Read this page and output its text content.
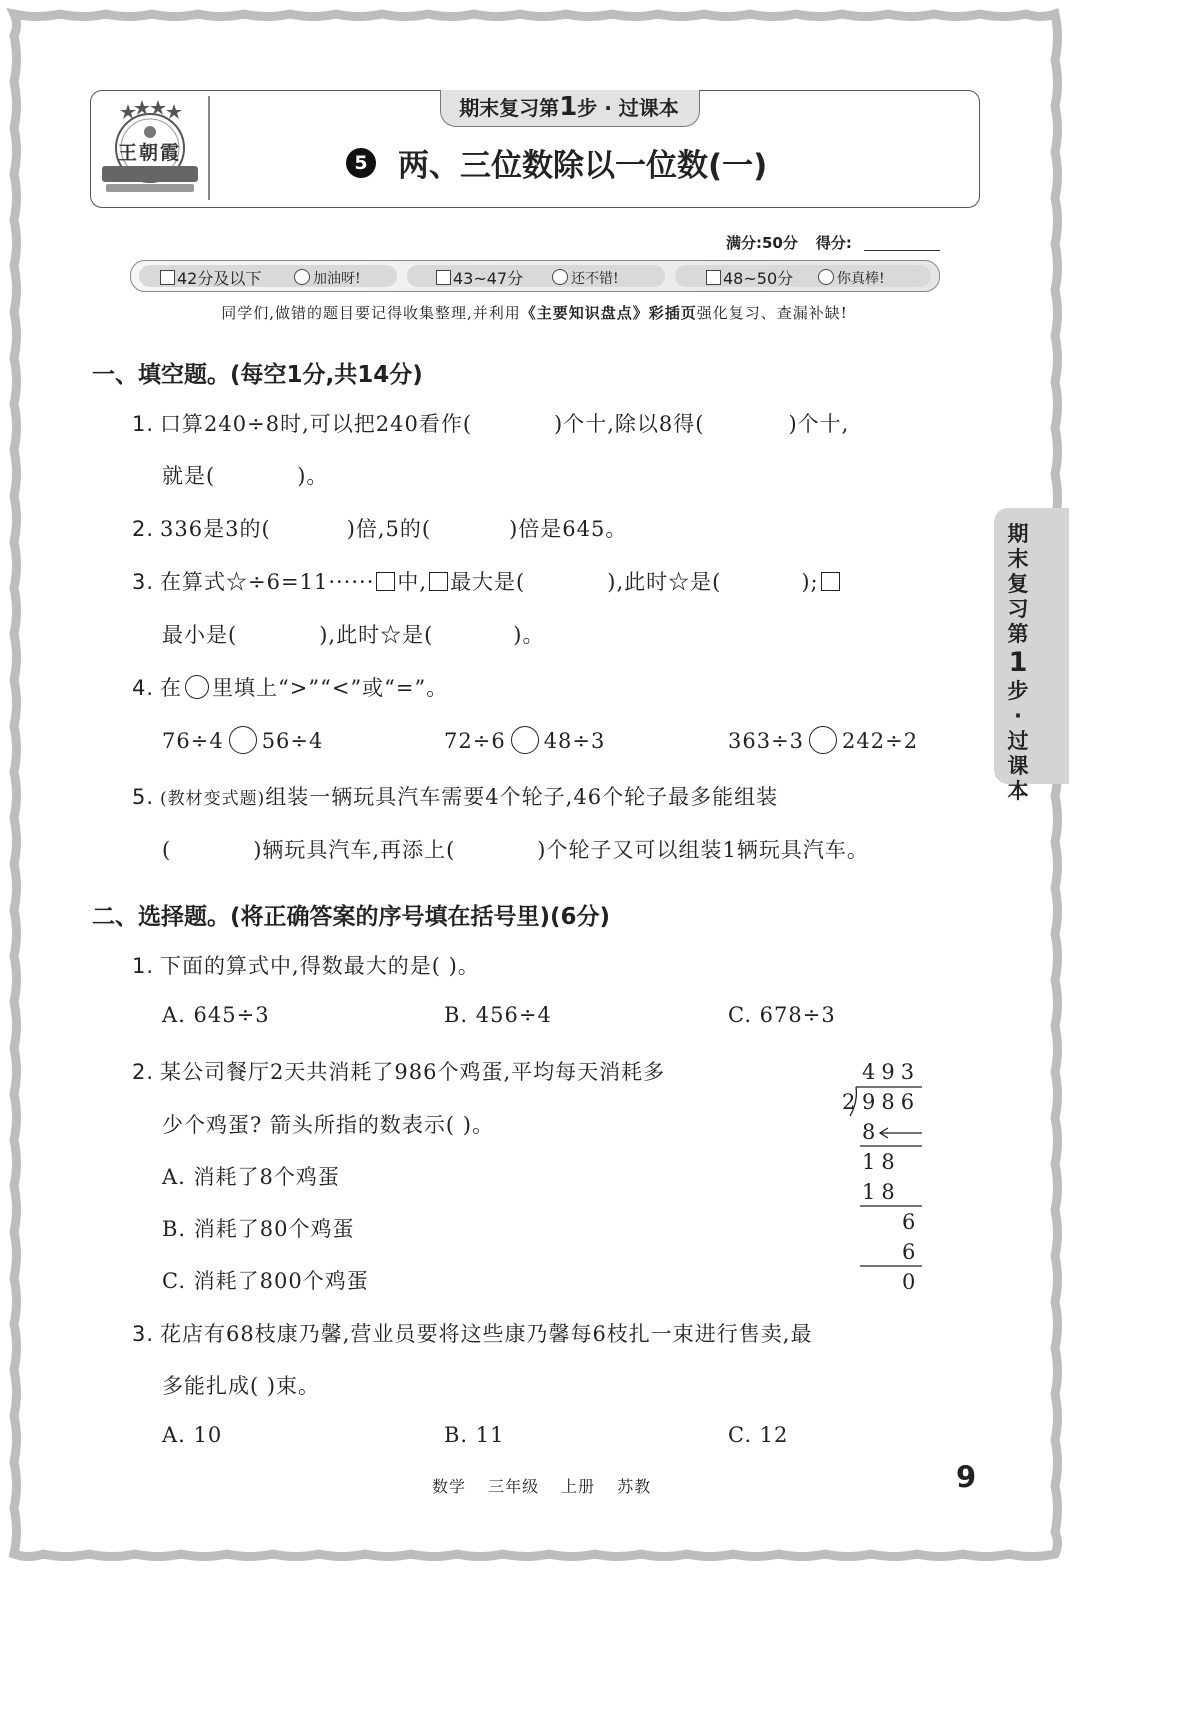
王朝霞
期末复习第1步 · 过课本
5 两、三位数除以一位数(一)
满分:50分 得分:
42分及以下	加油呀!	43~47分	还不错!	48~50分	你真棒!
同学们,做错的题目要记得收集整理,并利用《主要知识盘点》彩插页强化复习、查漏补缺!
一、填空题。(每空1分,共14分)
1. 口算240÷8时,可以把240看作(	)个十,除以8得(	)个十,
就是(	)。
2. 336是3的(	)倍,5的(	)倍是645。
3. 在算式☆÷6=11······ 中, 最大是(	),此时☆是(	);
最小是(	),此时☆是(	)。
4. 在 里填上“>”“<”或“=”。
76÷4 56÷4	72÷6 48÷3	363÷3 242÷2
5. (教材变式题)组装一辆玩具汽车需要4个轮子,46个轮子最多能组装
(	)辆玩具汽车,再添上(	)个轮子又可以组装1辆玩具汽车。
二、选择题。(将正确答案的序号填在括号里)(6分)
1. 下面的算式中,得数最大的是( )。
A. 645÷3	B. 456÷4	C. 678÷3
2. 某公司餐厅2天共消耗了986个鸡蛋,平均每天消耗多
少个鸡蛋? 箭头所指的数表示( )。
A. 消耗了8个鸡蛋
B. 消耗了80个鸡蛋
C. 消耗了800个鸡蛋
493
2 986
8
18
18
6
6
0
3. 花店有68枝康乃馨,营业员要将这些康乃馨每6枝扎一束进行售卖,最
多能扎成( )束。
A. 10	B. 11	C. 12
期末复习第
1
步·过课本
数学 三年级 上册 苏教	9
